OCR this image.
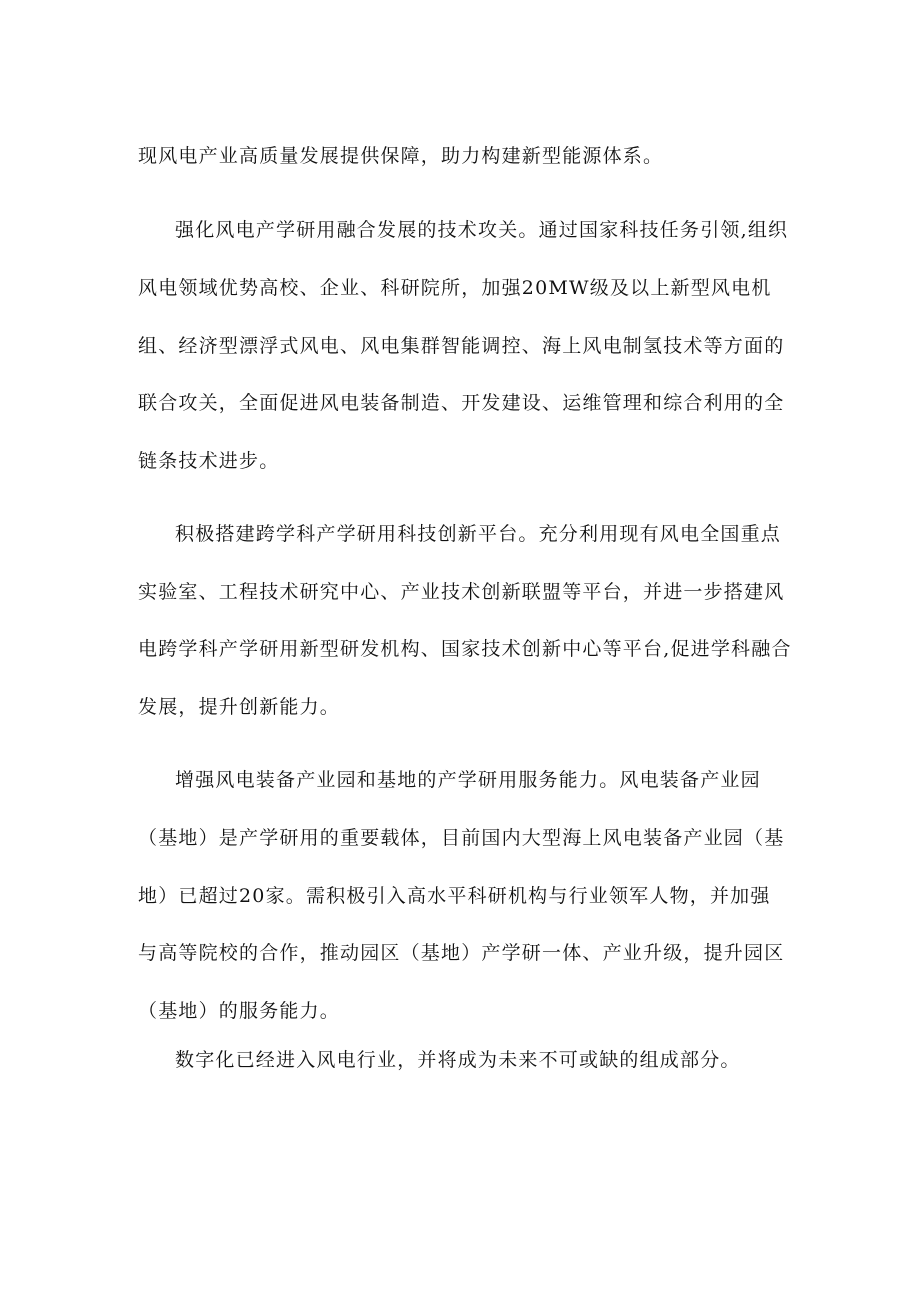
现风电产业高质量发展提供保障，助力构建新型能源体系。
强化风电产学研用融合发展的技术攻关。通过国家科技任务引领,组织
风电领域优势高校、企业、科研院所，加强20MW级及以上新型风电机
组、经济型漂浮式风电、风电集群智能调控、海上风电制氢技术等方面的
联合攻关，全面促进风电装备制造、开发建设、运维管理和综合利用的全
链条技术进步。
积极搭建跨学科产学研用科技创新平台。充分利用现有风电全国重点
实验室、工程技术研究中心、产业技术创新联盟等平台，并进一步搭建风
电跨学科产学研用新型研发机构、国家技术创新中心等平台,促进学科融合
发展，提升创新能力。
增强风电装备产业园和基地的产学研用服务能力。风电装备产业园
（基地）是产学研用的重要载体，目前国内大型海上风电装备产业园（基
地）已超过20家。需积极引入高水平科研机构与行业领军人物，并加强
与高等院校的合作，推动园区（基地）产学研一体、产业升级，提升园区
（基地）的服务能力。
数字化已经进入风电行业，并将成为未来不可或缺的组成部分。
